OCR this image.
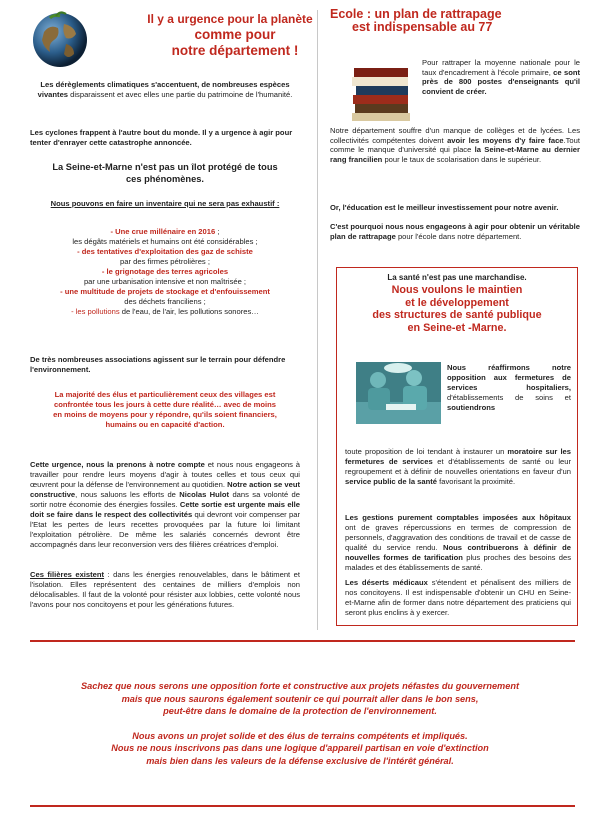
Il y a urgence pour la planète
comme pour
notre département !
Les dérèglements climatiques s'accentuent, de nombreuses espèces vivantes disparaissent et avec elles une partie du patrimoine de l'humanité.
Les cyclones frappent à l'autre bout du monde. Il y a urgence à agir pour tenter d'enrayer cette catastrophe annoncée.
La Seine-et-Marne n'est pas un îlot protégé de tous ces phénomènes.
Nous pouvons en faire un inventaire qui ne sera pas exhaustif :
- Une crue millénaire en 2016 ;
les dégâts matériels et humains ont été considérables ;
- des tentatives d'exploitation des gaz de schiste
par des firmes pétrolières ;
- le grignotage des terres agricoles
par une urbanisation intensive et non maîtrisée ;
- une multitude de projets de stockage et d'enfouissement
des déchets franciliens ;
- les pollutions de l'eau, de l'air, les pollutions sonores…
De très nombreuses associations agissent sur le terrain pour défendre l'environnement.
La majorité des élus et particulièrement ceux des villages est confrontée tous les jours à cette dure réalité… avec de moins en moins de moyens pour y répondre, qu'ils soient financiers, humains ou en capacité d'action.
Cette urgence, nous la prenons à notre compte et nous nous engageons à travailler pour rendre leurs moyens d'agir à toutes celles et tous ceux qui œuvrent pour la défense de l'environnement au quotidien. Notre action se veut constructive, nous saluons les efforts de Nicolas Hulot dans sa volonté de sortir notre économie des énergies fossiles. Cette sortie est urgente mais elle doit se faire dans le respect des collectivités qui devront voir compenser par l'Etat les pertes de leurs recettes provoquées par la future loi limitant l'exploitation pétrolière. De même les salariés concernés devront être accompagnés dans leur reconversion vers des filières créatrices d'emploi.
Ces filières existent : dans les énergies renouvelables, dans le bâtiment et l'isolation. Elles représentent des centaines de milliers d'emplois non délocalisables. Il faut de la volonté pour résister aux lobbies, cette volonté nous l'avons pour nos concitoyens et pour les générations futures.
Ecole : un plan de rattrapage
est indispensable au 77
Pour rattraper la moyenne nationale pour le taux d'encadrement à l'école primaire, ce sont près de 800 postes d'enseignants qu'il convient de créer.
Notre département souffre d'un manque de collèges et de lycées. Les collectivités compétentes doivent avoir les moyens d'y faire face.Tout comme le manque d'université qui place la Seine-et-Marne au dernier rang francilien pour le taux de scolarisation dans le supérieur.
Or, l'éducation est le meilleur investissement pour notre avenir.
C'est pourquoi nous nous engageons à agir pour obtenir un véritable plan de rattrapage pour l'école dans notre département.
La santé n'est pas une marchandise.
Nous voulons le maintien
et le développement
des structures de santé publique
en Seine-et -Marne.
Nous réaffirmons notre opposition aux fermetures de services hospitaliers, d'établissements de soins et soutiendrons
toute proposition de loi tendant à instaurer un moratoire sur les fermetures de services et d'établissements de santé ou leur regroupement et à définir de nouvelles orientations en faveur d'un service public de la santé favorisant la proximité.
Les gestions purement comptables imposées aux hôpitaux ont de graves répercussions en termes de compression de personnels, d'aggravation des conditions de travail et de casse de qualité du service rendu. Nous contribuerons à définir de nouvelles formes de tarification plus proches des besoins des malades et des établissements de santé.
Les déserts médicaux s'étendent et pénalisent des milliers de nos concitoyens. Il est indispensable d'obtenir un CHU en Seine-et-Marne afin de former dans notre département des praticiens qui seront plus enclins à y exercer.
Sachez que nous serons une opposition forte et constructive aux projets néfastes du gouvernement
mais que nous saurons également soutenir ce qui pourrait aller dans le bon sens,
peut-être dans le domaine de la protection de l'environnement.
Nous avons un projet solide et des élus de terrains compétents et impliqués.
Nous ne nous inscrivons pas dans une logique d'appareil partisan en voie d'extinction
mais bien dans les valeurs de la défense exclusive de l'intérêt général.
